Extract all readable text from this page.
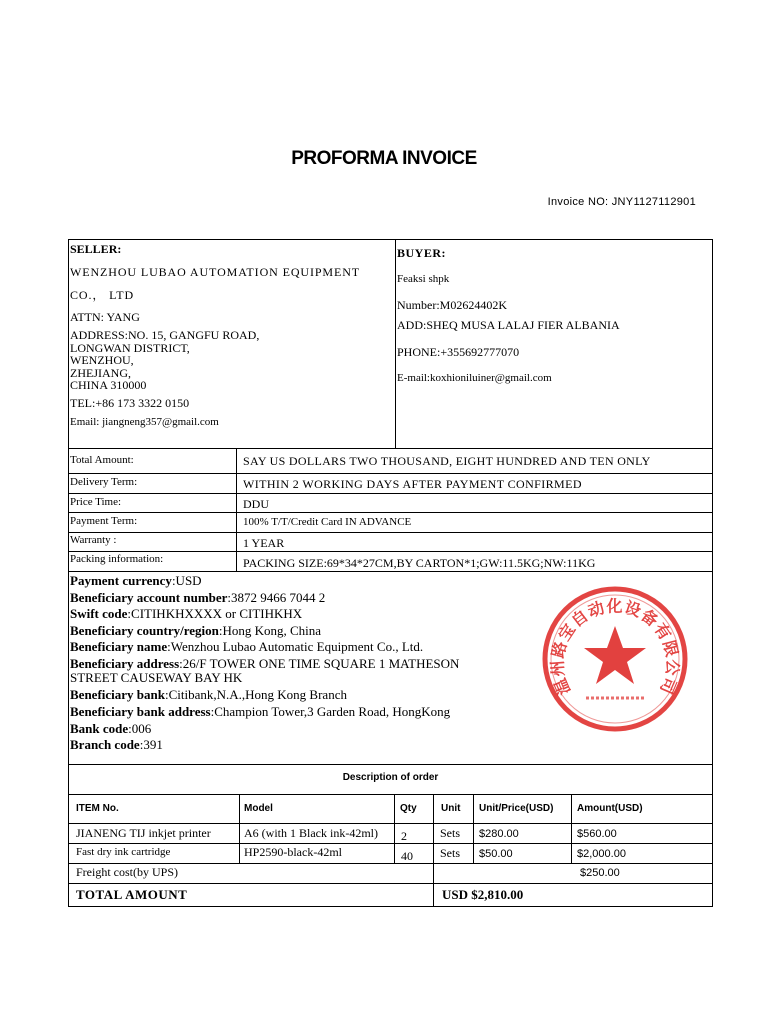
PROFORMA INVOICE
Invoice NO: JNY1127112901
SELLER:
WENZHOU LUBAO AUTOMATION EQUIPMENT
CO.， LTD
ATTN: YANG
ADDRESS:NO. 15, GANGFU ROAD,
LONGWAN DISTRICT,
WENZHOU,
ZHEJIANG,
CHINA 310000
TEL:+86 173 3322 0150
Email: jiangneng357@gmail.com
BUYER:
Feaksi shpk
Number:M02624402K
ADD:SHEQ MUSA LALAJ FIER ALBANIA
PHONE:+355692777070
E-mail:koxhioniluiner@gmail.com
Total Amount:	SAY US DOLLARS TWO THOUSAND, EIGHT HUNDRED AND TEN ONLY
Delivery Term:	WITHIN 2 WORKING DAYS AFTER PAYMENT CONFIRMED
Price Time:	DDU
Payment Term:	100% T/T/Credit Card IN ADVANCE
Warranty :	1 YEAR
Packing information:	PACKING SIZE:69*34*27CM,BY CARTON*1;GW:11.5KG;NW:11KG
Payment currency:USD
Beneficiary account number:3872 9466 7044 2
Swift code:CITIHKHXXXX or CITIHKHX
Beneficiary country/region:Hong Kong, China
Beneficiary name:Wenzhou Lubao Automatic Equipment Co., Ltd.
Beneficiary address:26/F TOWER ONE TIME SQUARE 1 MATHESON
STREET CAUSEWAY BAY HK
Beneficiary bank:Citibank,N.A.,Hong Kong Branch
Beneficiary bank address:Champion Tower,3 Garden Road, HongKong
Bank code:006
Branch code:391
温州路宝自动化设备有限公司
Description of order
ITEM No.	Model	Qty Unit Unit/Price(USD) Amount(USD)
JIANENG TIJ inkjet printer	A6 (with 1 Black ink-42ml) 2	Sets $280.00	$560.00
Fast dry ink cartridge	HP2590-black-42ml	40 Sets $50.00	$2,000.00
Freight cost(by UPS)	$250.00
TOTAL AMOUNT	USD $2,810.00
